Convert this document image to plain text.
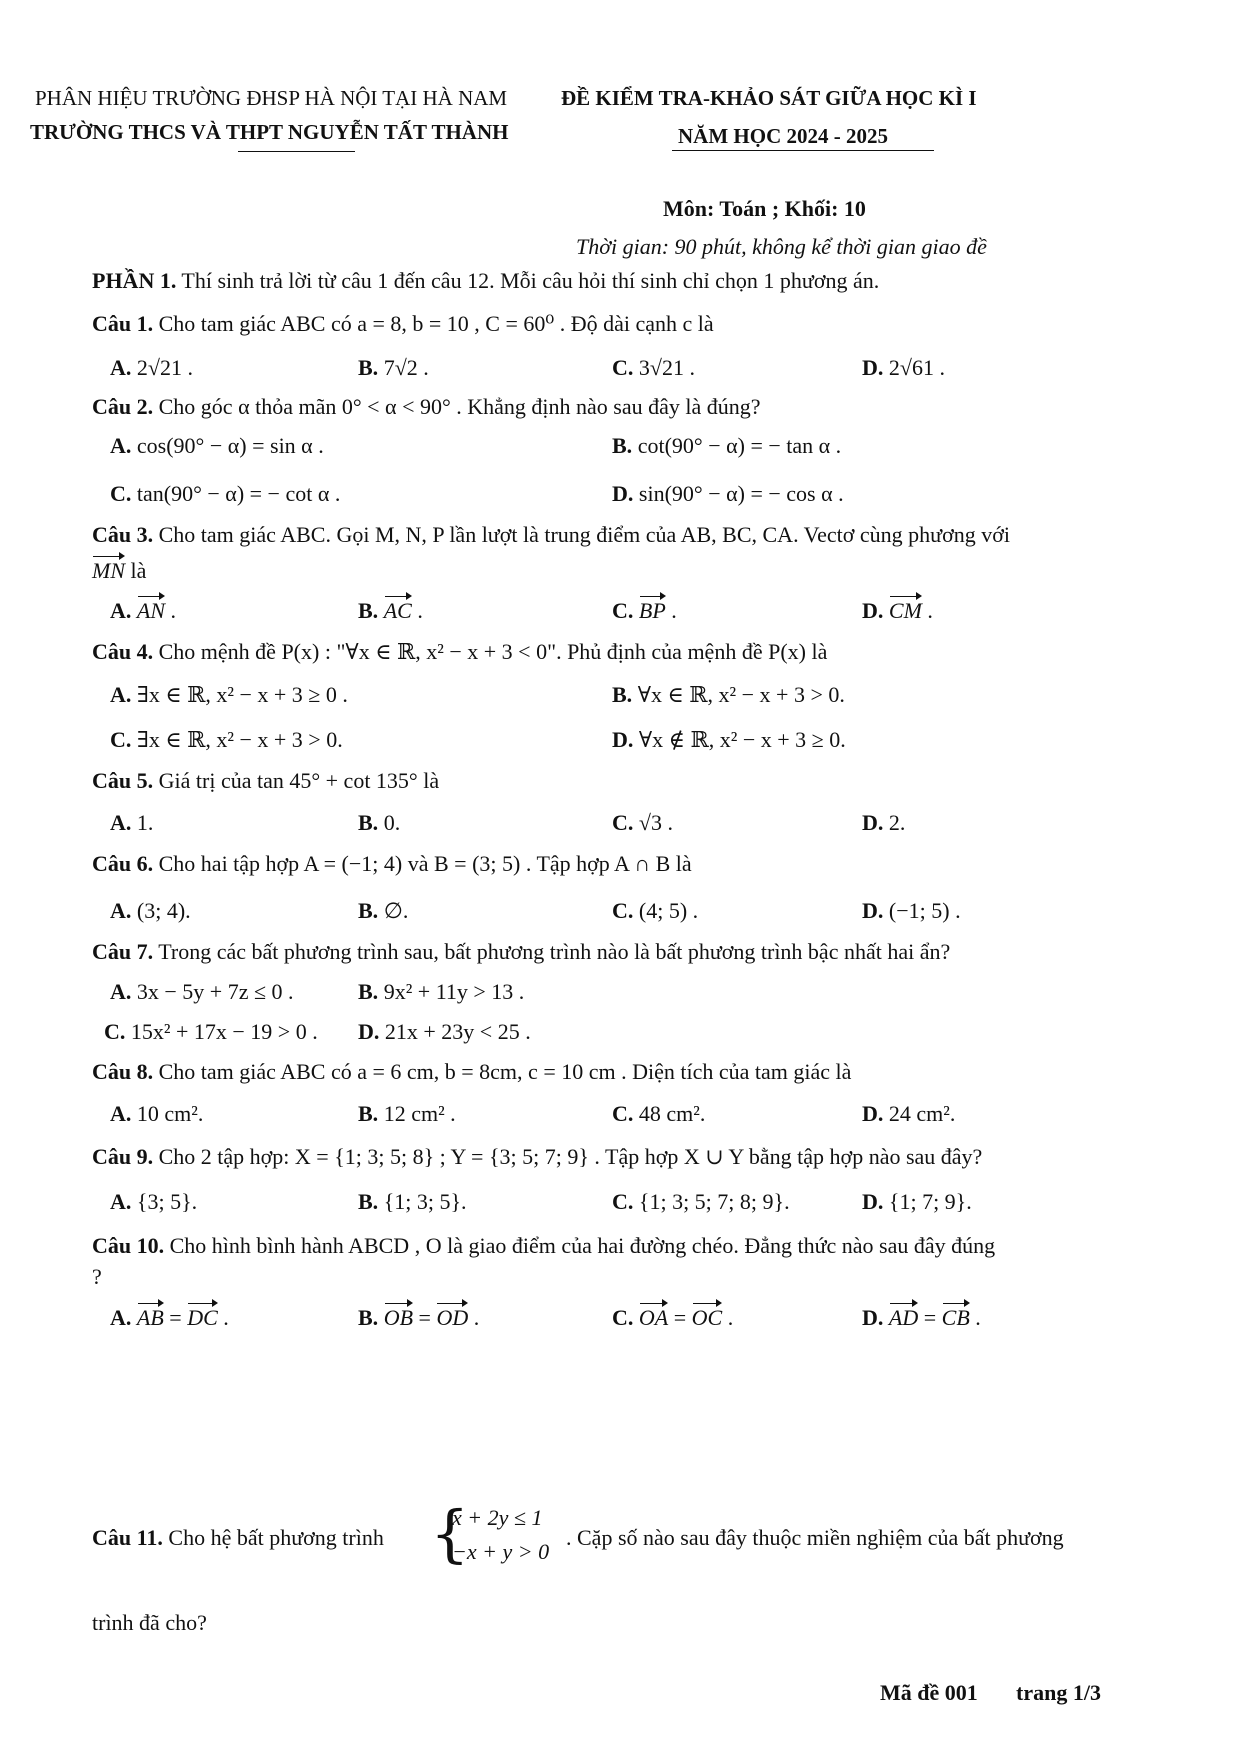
PHÂN HIỆU TRƯỜNG ĐHSP HÀ NỘI TẠI HÀ NAM
TRƯỜNG THCS VÀ THPT NGUYỄN TẤT THÀNH
ĐỀ KIỂM TRA-KHẢO SÁT GIỮA HỌC KÌ I
NĂM HỌC 2024 - 2025
Môn: Toán ; Khối: 10
Thời gian: 90 phút, không kể thời gian giao đề
PHẦN 1. Thí sinh trả lời từ câu 1 đến câu 12. Mỗi câu hỏi thí sinh chỉ chọn 1 phương án.
Câu 1. Cho tam giác ABC có a = 8, b = 10 , C = 60⁰ . Độ dài cạnh c là
A. 2√21 .	B. 7√2 .	C. 3√21 .	D. 2√61 .
Câu 2. Cho góc α thỏa mãn 0° < α < 90° . Khẳng định nào sau đây là đúng?
A. cos(90° − α) = sin α .	B. cot(90° − α) = − tan α .
C. tan(90° − α) = − cot α .	D. sin(90° − α) = − cos α .
Câu 3. Cho tam giác ABC. Gọi M, N, P lần lượt là trung điểm của AB, BC, CA. Vectơ cùng phương với
MN là
A. AN .	B. AC .	C. BP .	D. CM .
Câu 4. Cho mệnh đề P(x) : "∀x ∈ ℝ, x² − x + 3 < 0". Phủ định của mệnh đề P(x) là
A. ∃x ∈ ℝ, x² − x + 3 ≥ 0 .	B. ∀x ∈ ℝ, x² − x + 3 > 0.
C. ∃x ∈ ℝ, x² − x + 3 > 0.	D. ∀x ∉ ℝ, x² − x + 3 ≥ 0.
Câu 5. Giá trị của tan 45° + cot 135° là
A. 1.	B. 0.	C. √3 .	D. 2.
Câu 6. Cho hai tập hợp A = (−1; 4) và B = (3; 5) . Tập hợp A ∩ B là
A. (3; 4).	B. ∅.	C. (4; 5) .	D. (−1; 5) .
Câu 7. Trong các bất phương trình sau, bất phương trình nào là bất phương trình bậc nhất hai ẩn?
A. 3x − 5y + 7z ≤ 0 .	B. 9x² + 11y > 13 .
C. 15x² + 17x − 19 > 0 . D. 21x + 23y < 25 .
Câu 8. Cho tam giác ABC có a = 6 cm, b = 8cm, c = 10 cm . Diện tích của tam giác là
A. 10 cm².	B. 12 cm² .	C. 48 cm².	D. 24 cm².
Câu 9. Cho 2 tập hợp: X = {1; 3; 5; 8} ; Y = {3; 5; 7; 9} . Tập hợp X ∪ Y bằng tập hợp nào sau đây?
A. {3; 5}.	B. {1; 3; 5}.	C. {1; 3; 5; 7; 8; 9}.	D. {1; 7; 9}.
Câu 10. Cho hình bình hành ABCD , O là giao điểm của hai đường chéo. Đẳng thức nào sau đây đúng
?
A. AB = DC .	B. OB = OD .	C. OA = OC .	D. AD = CB .
Câu 11. Cho hệ bất phương trình {
x + 2y ≤ 1
−x + y > 0
. Cặp số nào sau đây thuộc miền nghiệm của bất phương
trình đã cho?
Mã đề 001 trang 1/3
